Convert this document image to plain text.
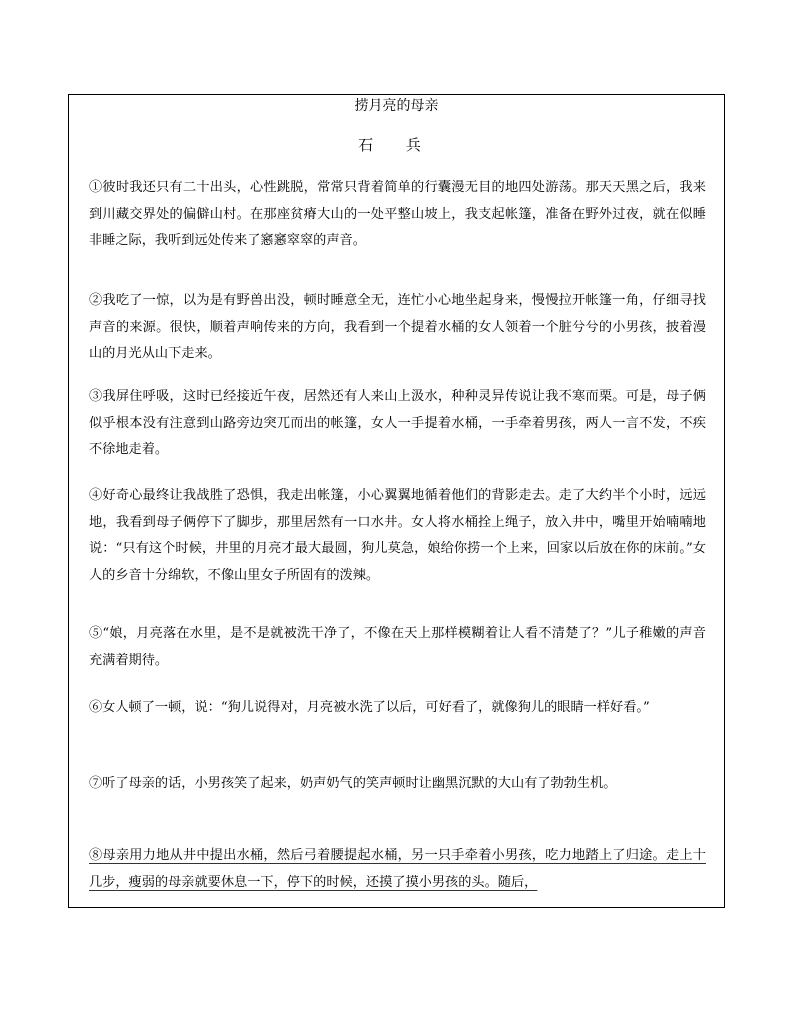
捞月亮的母亲
石 兵

①彼时我还只有二十出头，心性跳脱，常常只背着简单的行囊漫无目的地四处游荡。那天天黑之后，我来到川藏交界处的偏僻山村。在那座贫瘠大山的一处平整山坡上，我支起帐篷，准备在野外过夜，就在似睡非睡之际，我听到远处传来了窸窸窣窣的声音。

②我吃了一惊，以为是有野兽出没，顿时睡意全无，连忙小心地坐起身来，慢慢拉开帐篷一角，仔细寻找声音的来源。很快，顺着声响传来的方向，我看到一个提着水桶的女人领着一个脏兮兮的小男孩，披着漫山的月光从山下走来。

③我屏住呼吸，这时已经接近午夜，居然还有人来山上汲水，种种灵异传说让我不寒而栗。可是，母子俩似乎根本没有注意到山路旁边突兀而出的帐篷，女人一手提着水桶，一手牵着男孩，两人一言不发，不疾不徐地走着。

④好奇心最终让我战胜了恐惧，我走出帐篷，小心翼翼地循着他们的背影走去。走了大约半个小时，远远地，我看到母子俩停下了脚步，那里居然有一口水井。女人将水桶拴上绳子，放入井中，嘴里开始喃喃地说：“只有这个时候，井里的月亮才最大最圆，狗儿莫急，娘给你捞一个上来，回家以后放在你的床前。”女人的乡音十分绵软，不像山里女子所固有的泼辣。

⑤“娘，月亮落在水里，是不是就被洗干净了，不像在天上那样模糊着让人看不清楚了？”儿子稚嫩的声音充满着期待。

⑥女人顿了一顿，说：“狗儿说得对，月亮被水洗了以后，可好看了，就像狗儿的眼睛一样好看。”

⑦听了母亲的话，小男孩笑了起来，奶声奶气的笑声顿时让幽黑沉默的大山有了勃勃生机。

⑧母亲用力地从井中提出水桶，然后弓着腰提起水桶，另一只手牵着小男孩，吃力地踏上了归途。走上十几步，瘦弱的母亲就要休息一下，停下的时候，还摸了摸小男孩的头。随后，
